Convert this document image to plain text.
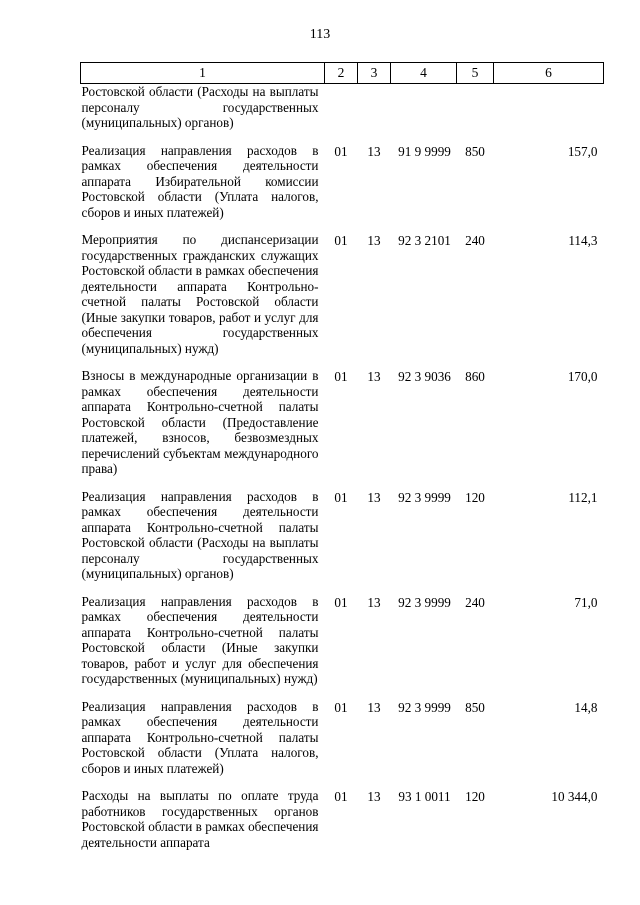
113
1	2	3	4	5	6
Ростовской области (Расходы на выплаты персоналу государственных (муниципальных) органов)					
Реализация направления расходов в рамках обеспечения деятельности аппарата Избирательной комиссии Ростовской области (Уплата налогов, сборов и иных платежей)	01	13	91 9 9999	850	157,0
Мероприятия по диспансеризации государственных гражданских служащих Ростовской области в рамках обеспечения деятельности аппарата Контрольно-счетной палаты Ростовской области (Иные закупки товаров, работ и услуг для обеспечения государственных (муниципальных) нужд)	01	13	92 3 2101	240	114,3
Взносы в международные организации в рамках обеспечения деятельности аппарата Контрольно-счетной палаты Ростовской области (Предоставление платежей, взносов, безвозмездных перечислений субъектам международного права)	01	13	92 3 9036	860	170,0
Реализация направления расходов в рамках обеспечения деятельности аппарата Контрольно-счетной палаты Ростовской области (Расходы на выплаты персоналу государственных (муниципальных) органов)	01	13	92 3 9999	120	112,1
Реализация направления расходов в рамках обеспечения деятельности аппарата Контрольно-счетной палаты Ростовской области (Иные закупки товаров, работ и услуг для обеспечения государственных (муниципальных) нужд)	01	13	92 3 9999	240	71,0
Реализация направления расходов в рамках обеспечения деятельности аппарата Контрольно-счетной палаты Ростовской области (Уплата налогов, сборов и иных платежей)	01	13	92 3 9999	850	14,8
Расходы на выплаты по оплате труда работников государственных органов Ростовской области в рамках обеспечения деятельности аппарата	01	13	93 1 0011	120	10 344,0
